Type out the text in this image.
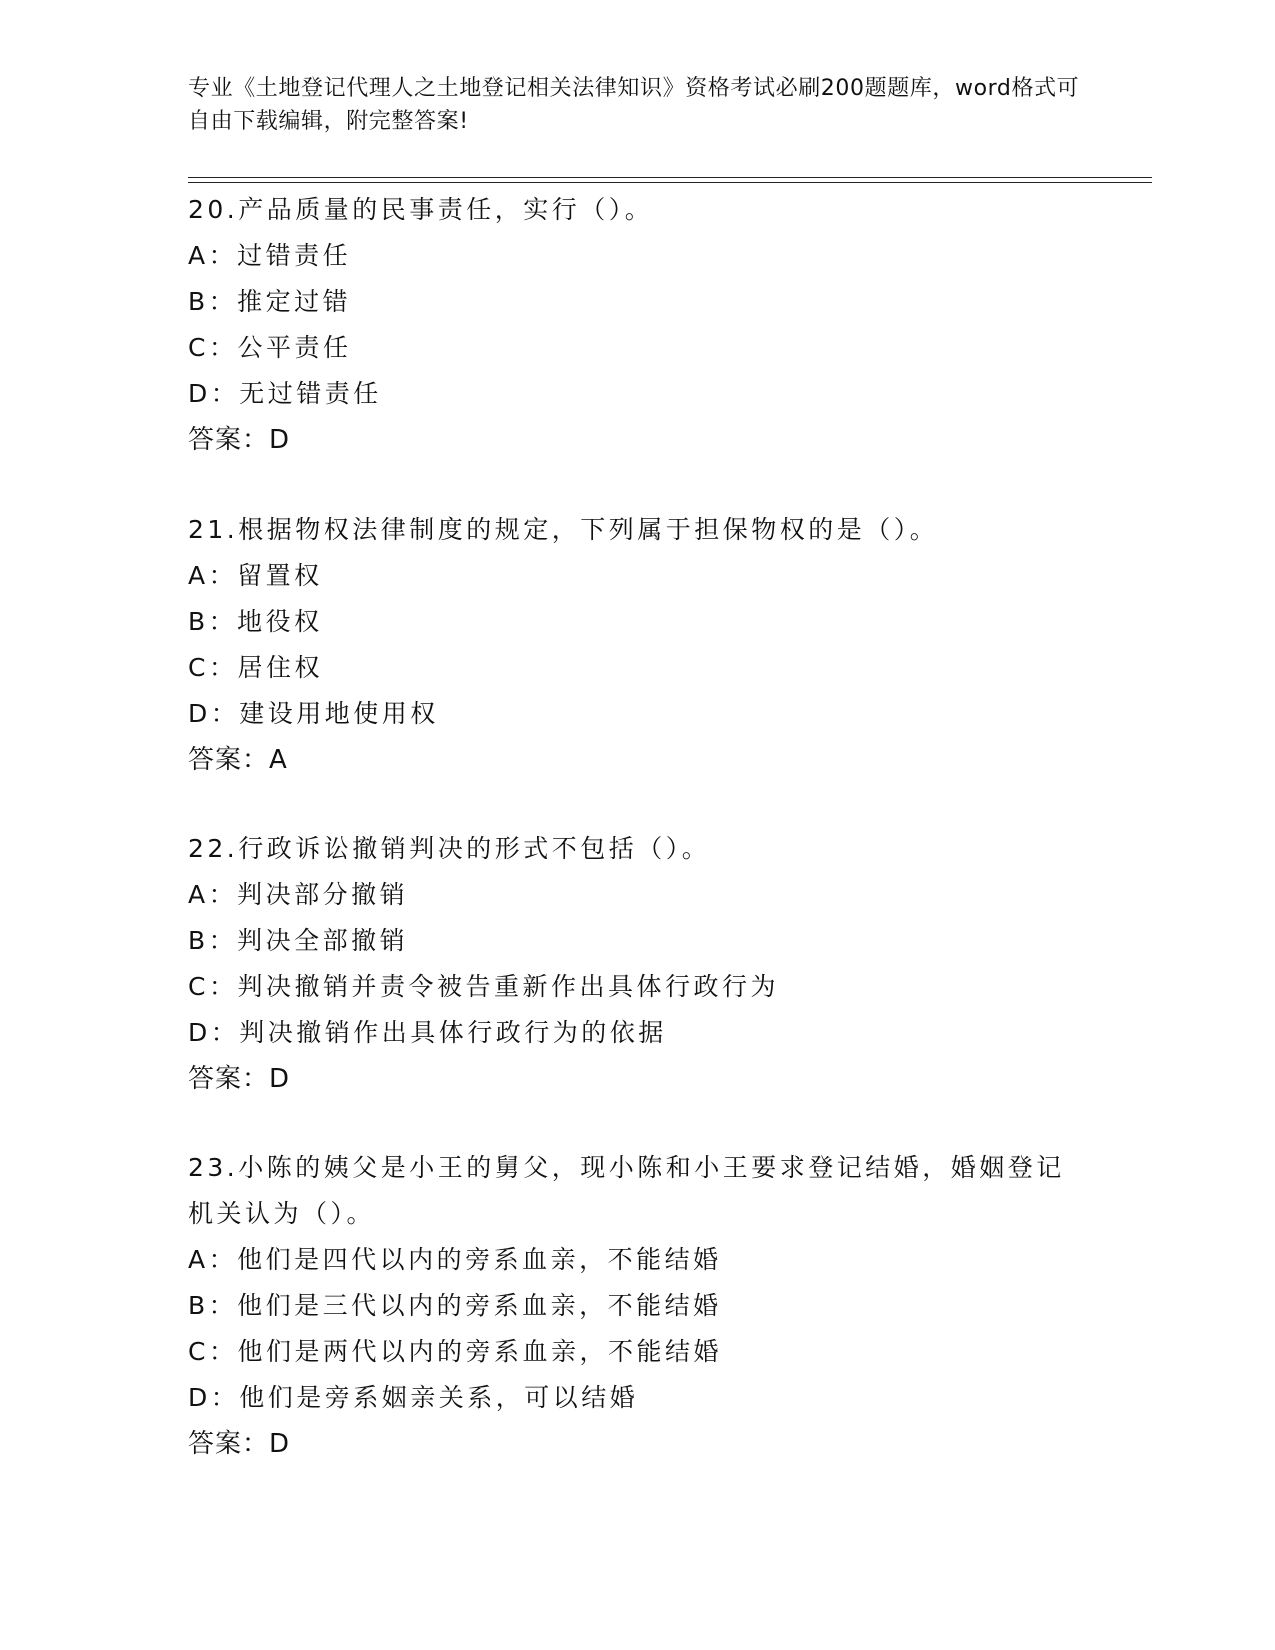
专业《土地登记代理人之土地登记相关法律知识》资格考试必刷200题题库，word格式可自由下载编辑，附完整答案!
20.产品质量的民事责任，实行（）。
A：过错责任
B：推定过错
C：公平责任
D：无过错责任
答案：D
21.根据物权法律制度的规定，下列属于担保物权的是（）。
A：留置权
B：地役权
C：居住权
D：建设用地使用权
答案：A
22.行政诉讼撤销判决的形式不包括（）。
A：判决部分撤销
B：判决全部撤销
C：判决撤销并责令被告重新作出具体行政行为
D：判决撤销作出具体行政行为的依据
答案：D
23.小陈的姨父是小王的舅父，现小陈和小王要求登记结婚，婚姻登记机关认为（）。
A：他们是四代以内的旁系血亲，不能结婚
B：他们是三代以内的旁系血亲，不能结婚
C：他们是两代以内的旁系血亲，不能结婚
D：他们是旁系姻亲关系，可以结婚
答案：D
